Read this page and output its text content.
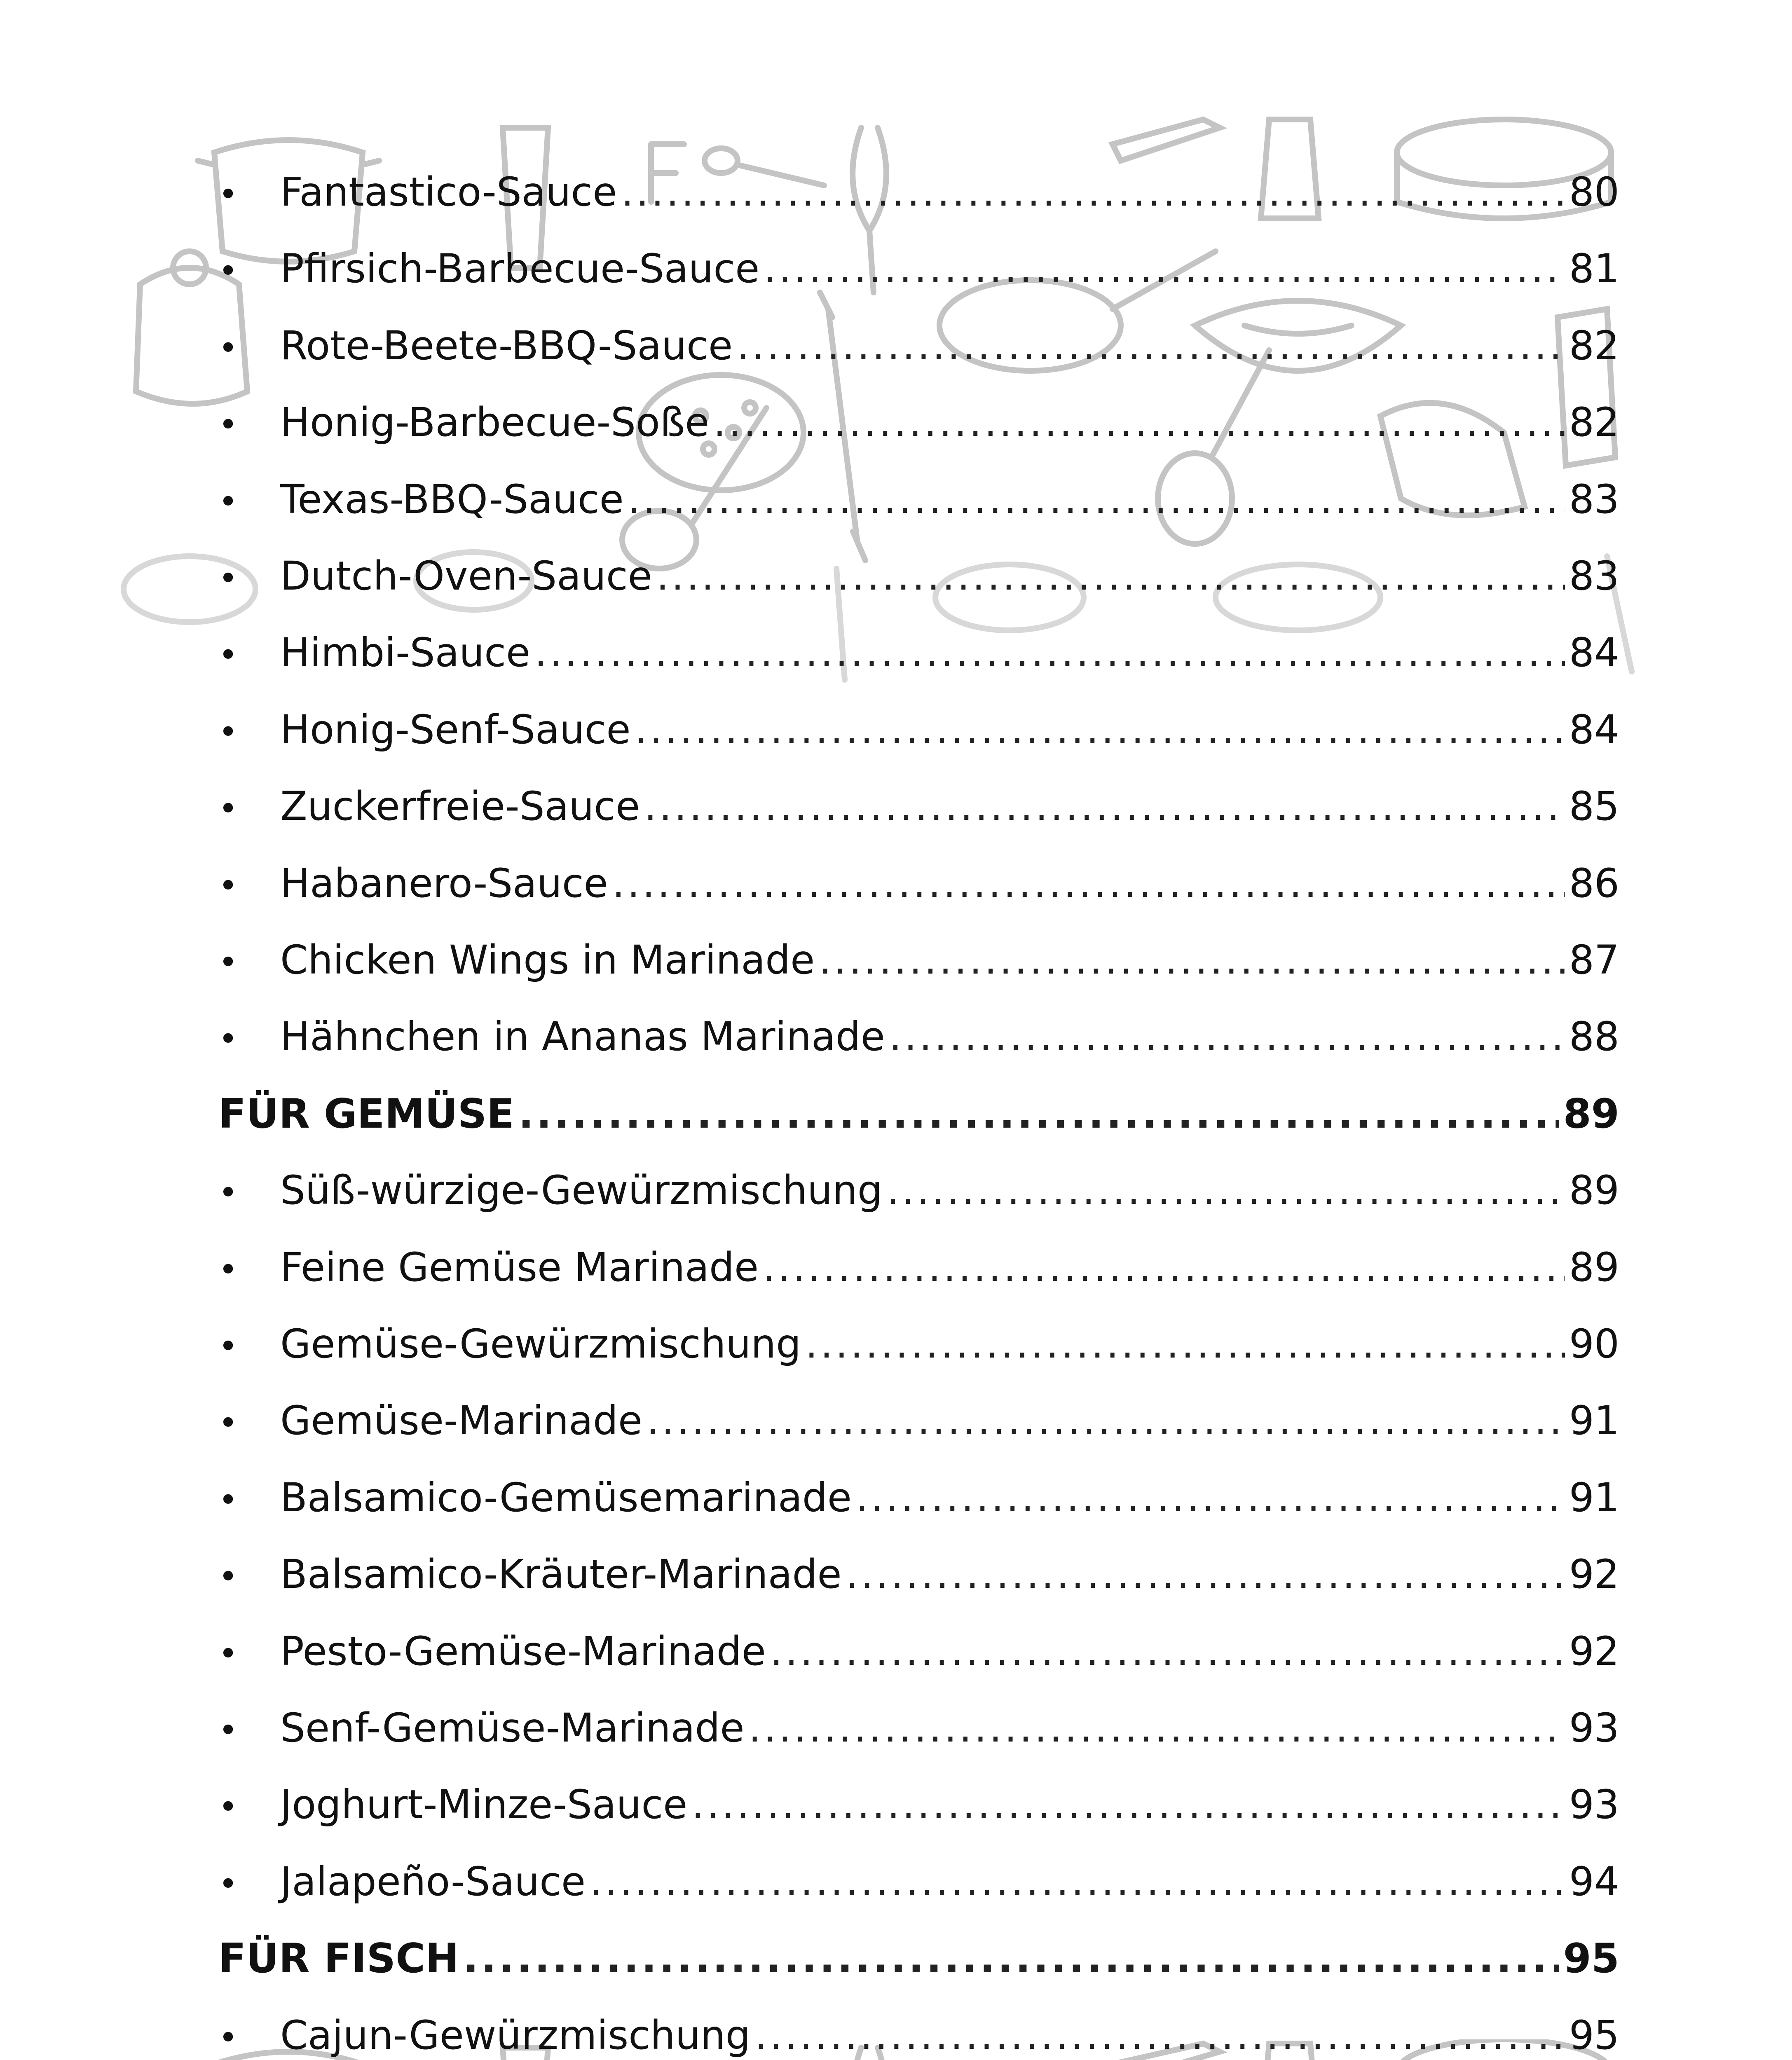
•	Fantastico-Sauce .....	80
•	Pfirsich-Barbecue-Sauce .....	81
•	Rote-Beete-BBQ-Sauce .....	82
•	Honig-Barbecue-Soße .....	82
•	Texas-BBQ-Sauce .....	83
•	Dutch-Oven-Sauce .....	83
•	Himbi-Sauce .....	84
•	Honig-Senf-Sauce .....	84
•	Zuckerfreie-Sauce .....	85
•	Habanero-Sauce .....	86
•	Chicken Wings in Marinade .....	87
•	Hähnchen in Ananas Marinade .....	88
FÜR GEMÜSE .....	89
•	Süß-würzige-Gewürzmischung .....	89
•	Feine Gemüse Marinade .....	89
•	Gemüse-Gewürzmischung .....	90
•	Gemüse-Marinade .....	91
•	Balsamico-Gemüsemarinade .....	91
•	Balsamico-Kräuter-Marinade .....	92
•	Pesto-Gemüse-Marinade .....	92
•	Senf-Gemüse-Marinade .....	93
•	Joghurt-Minze-Sauce .....	93
•	Jalapeño-Sauce .....	94
FÜR FISCH .....	95
•	Cajun-Gewürzmischung .....	95
